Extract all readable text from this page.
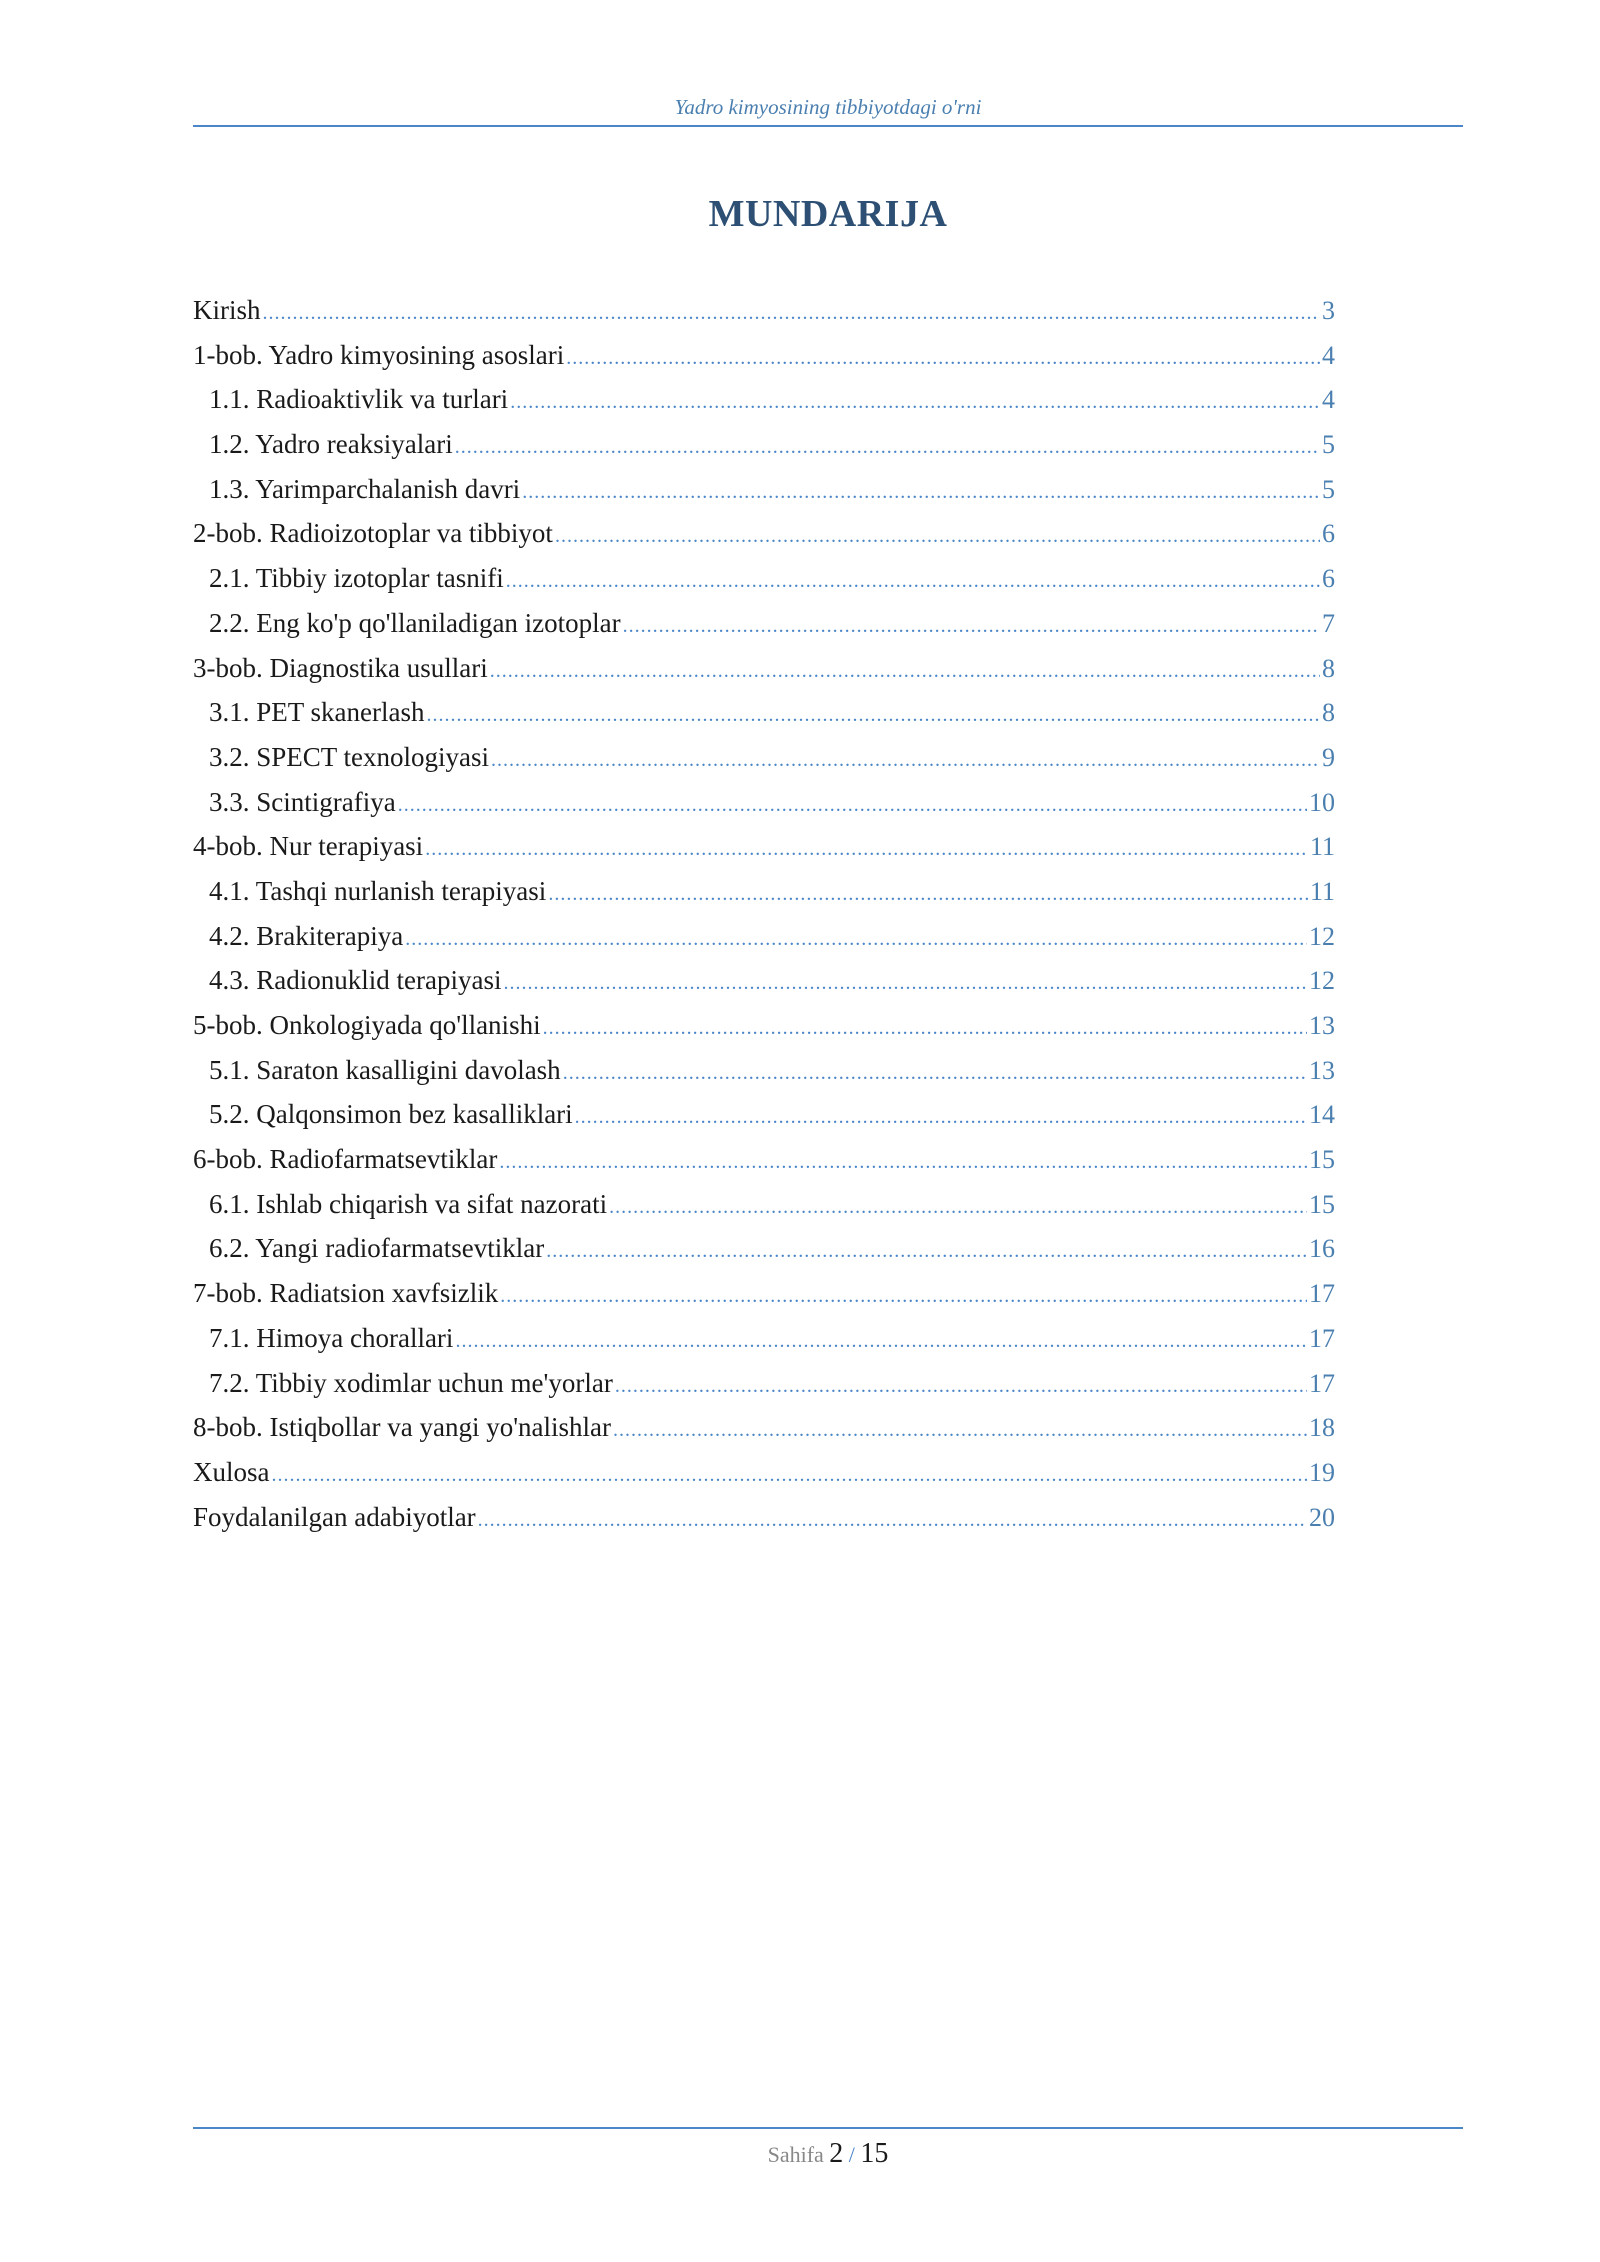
Yadro kimyosining tibbiyotdagi o'rni
MUNDARIJA
Kirish .....	3
1-bob. Yadro kimyosining asoslari .....	4
1.1. Radioaktivlik va turlari .....	4
1.2. Yadro reaksiyalari .....	5
1.3. Yarimparchalanish davri .....	5
2-bob. Radioizotoplar va tibbiyot .....	6
2.1. Tibbiy izotoplar tasnifi .....	6
2.2. Eng ko'p qo'llaniladigan izotoplar .....	7
3-bob. Diagnostika usullari .....	8
3.1. PET skanerlash .....	8
3.2. SPECT texnologiyasi .....	9
3.3. Scintigrafiya .....	10
4-bob. Nur terapiyasi .....	11
4.1. Tashqi nurlanish terapiyasi .....	11
4.2. Brakiterapiya .....	12
4.3. Radionuklid terapiyasi .....	12
5-bob. Onkologiyada qo'llanishi .....	13
5.1. Saraton kasalligini davolash .....	13
5.2. Qalqonsimon bez kasalliklari .....	14
6-bob. Radiofarmatsevtiklar .....	15
6.1. Ishlab chiqarish va sifat nazorati .....	15
6.2. Yangi radiofarmatsevtiklar .....	16
7-bob. Radiatsion xavfsizlik .....	17
7.1. Himoya chorallari .....	17
7.2. Tibbiy xodimlar uchun me'yorlar .....	17
8-bob. Istiqbollar va yangi yo'nalishlar .....	18
Xulosa .....	19
Foydalanilgan adabiyotlar .....	20
Sahifa 2 / 15
